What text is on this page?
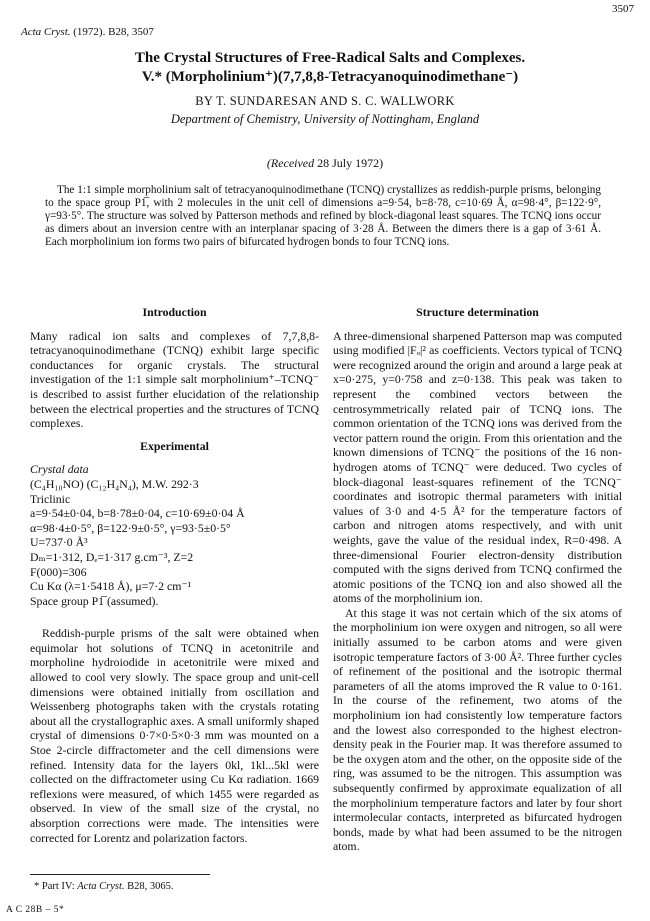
3507
Acta Cryst. (1972). B28, 3507
The Crystal Structures of Free-Radical Salts and Complexes.
V.* (Morpholinium⁺)(7,7,8,8-Tetracyanoquinodimethane⁻)
BY T. SUNDARESAN AND S. C. WALLWORK
Department of Chemistry, University of Nottingham, England
(Received 28 July 1972)
The 1:1 simple morpholinium salt of tetracyanoquinodimethane (TCNQ) crystallizes as reddish-purple prisms, belonging to the space group P1̅, with 2 molecules in the unit cell of dimensions a=9·54, b=8·78, c=10·69 Å, α=98·4°, β=122·9°, γ=93·5°. The structure was solved by Patterson methods and refined by block-diagonal least squares. The TCNQ ions occur as dimers about an inversion centre with an interplanar spacing of 3·28 Å. Between the dimers there is a gap of 3·61 Å. Each morpholinium ion forms two pairs of bifurcated hydrogen bonds to four TCNQ ions.
Introduction

Many radical ion salts and complexes of 7,7,8,8-tetracyanoquinodimethane (TCNQ) exhibit large specific conductances for organic crystals. The structural investigation of the 1:1 simple salt morpholinium⁺–TCNQ⁻ is described to assist further elucidation of the relationship between the electrical properties and the structures of TCNQ complexes.

Experimental

Crystal data

(C₄H₁₀NO) (C₁₂H₄N₄), M.W. 292·3

Triclinic

a=9·54±0·04, b=8·78±0·04, c=10·69±0·04 Å

α=98·4±0·5°, β=122·9±0·5°, γ=93·5±0·5°

U=737·0 Å³

Dₘ=1·312, Dₑ=1·317 g.cm⁻³, Z=2

F(000)=306

Cu Kα (λ=1·5418 Å), μ=7·2 cm⁻¹

Space group P1̅ (assumed).

Reddish-purple prisms of the salt were obtained when equimolar hot solutions of TCNQ in acetonitrile and morpholine hydroiodide in acetonitrile were mixed and allowed to cool very slowly. The space group and unit-cell dimensions were obtained initially from oscillation and Weissenberg photographs taken with the crystals rotating about all the crystallographic axes. A small uniformly shaped crystal of dimensions 0·7×0·5×0·3 mm was mounted on a Stoe 2-circle diffractometer and the cell dimensions were refined. Intensity data for the layers 0kl, 1kl...5kl were collected on the diffractometer using Cu Kα radiation. 1669 reflexions were measured, of which 1455 were regarded as observed. In view of the small size of the crystal, no absorption corrections were made. The intensities were corrected for Lorentz and polarization factors.

Structure determination

A three-dimensional sharpened Patterson map was computed using modified |Fₒ|² as coefficients. Vectors typical of TCNQ were recognized around the origin and around a large peak at x=0·275, y=0·758 and z=0·138. This peak was taken to represent the combined vectors between the centrosymmetrically related pair of TCNQ ions. The common orientation of the TCNQ ions was derived from the vector pattern round the origin. From this orientation and the known dimensions of TCNQ⁻ the positions of the 16 non-hydrogen atoms of TCNQ⁻ were deduced. Two cycles of block-diagonal least-squares refinement of the TCNQ⁻ coordinates and isotropic thermal parameters with initial values of 3·0 and 4·5 Å² for the temperature factors of carbon and nitrogen atoms respectively, and with unit weights, gave the value of the residual index, R=0·498. A three-dimensional Fourier electron-density distribution computed with the signs derived from TCNQ confirmed the atomic positions of the TCNQ ion and also showed all the atoms of the morpholinium ion.

At this stage it was not certain which of the six atoms of the morpholinium ion were oxygen and nitrogen, so all were initially assumed to be carbon atoms and were given isotropic temperature factors of 3·00 Å². Three further cycles of refinement of the positional and the isotropic thermal parameters of all the atoms improved the R value to 0·161. In the course of the refinement, two atoms of the morpholinium ion had consistently low temperature factors and the lowest also corresponded to the highest electron-density peak in the Fourier map. It was therefore assumed to be the oxygen atom and the other, on the opposite side of the ring, was assumed to be the nitrogen. This assumption was subsequently confirmed by approximate equalization of all the morpholinium temperature factors and later by four short intermolecular contacts, interpreted as bifurcated hydrogen bonds, made by what had been assumed to be the nitrogen atom.

* Part IV: Acta Cryst. B28, 3065.
A C 28B – 5*
